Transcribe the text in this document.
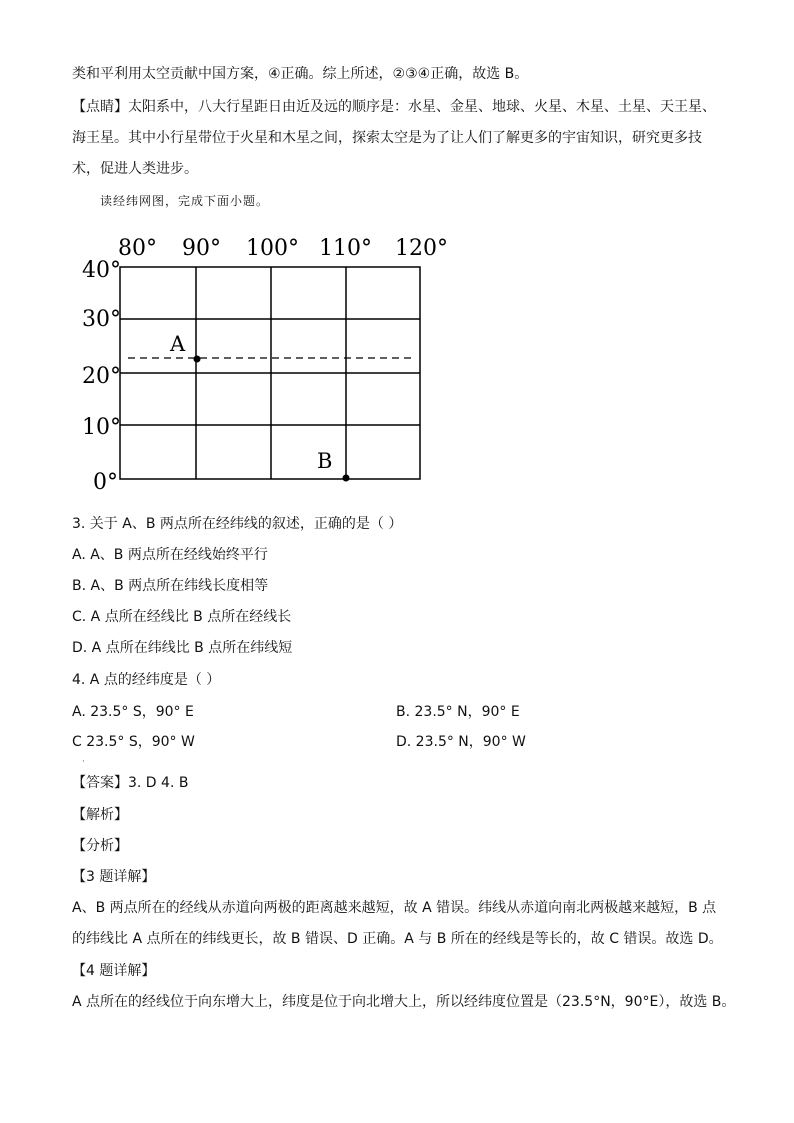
类和平利用太空贡献中国方案，④正确。综上所述，②③④正确，故选 B。
【点睛】太阳系中，八大行星距日由近及远的顺序是：水星、金星、地球、火星、木星、土星、天王星、
海王星。其中小行星带位于火星和木星之间，探索太空是为了让人们了解更多的宇宙知识，研究更多技
术，促进人类进步。
读经纬网图，完成下面小题。
A
B
80° 90° 100° 110° 120°
40°
30°
20°
10°
0°
3. 关于 A、B 两点所在经纬线的叙述，正确的是（ ）
A. A、B 两点所在经线始终平行
B. A、B 两点所在纬线长度相等
C. A 点所在经线比 B 点所在经线长
D. A 点所在纬线比 B 点所在纬线短
4. A 点的经纬度是（ ）
A. 23.5° S，90° E	B. 23.5° N，90° E
C 23.5° S，90° W	D. 23.5° N，90° W
·
【答案】3. D 4. B
【解析】
【分析】
【3 题详解】
A、B 两点所在的经线从赤道向两极的距离越来越短，故 A 错误。纬线从赤道向南北两极越来越短，B 点
的纬线比 A 点所在的纬线更长，故 B 错误、D 正确。A 与 B 所在的经线是等长的，故 C 错误。故选 D。
【4 题详解】
A 点所在的经线位于向东增大上，纬度是位于向北增大上，所以经纬度位置是（23.5°N，90°E），故选 B。
